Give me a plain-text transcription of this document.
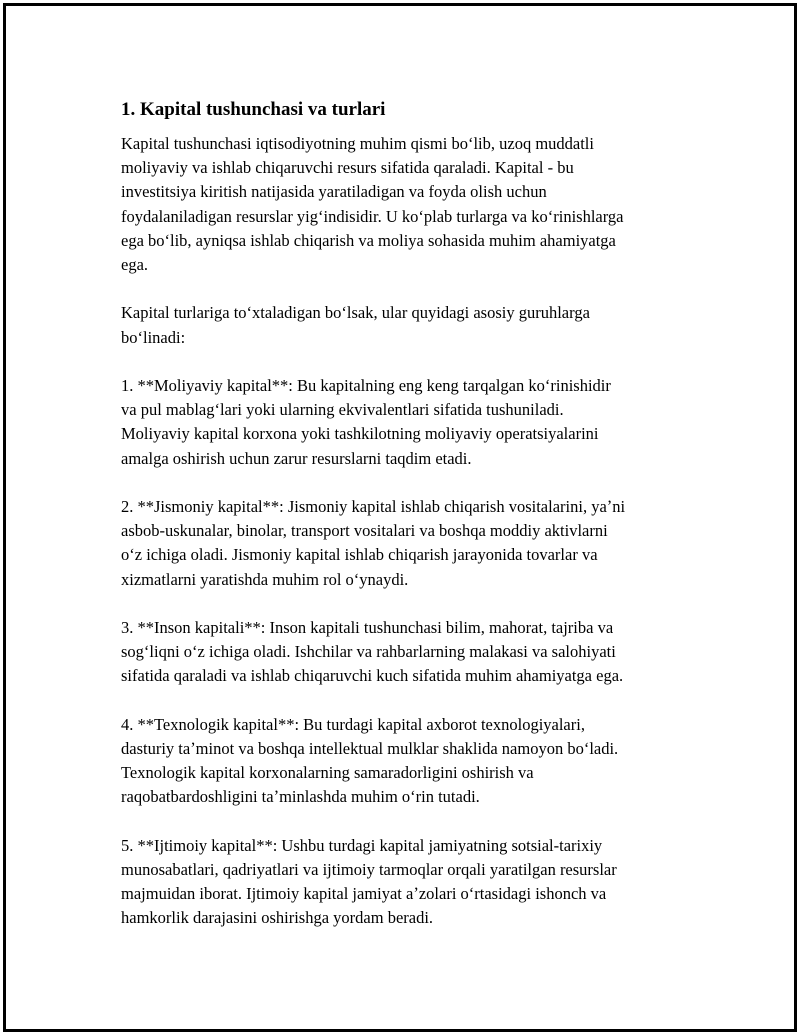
1. Kapital tushunchasi va turlari

Kapital tushunchasi iqtisodiyotning muhim qismi boʻlib, uzoq muddatli
moliyaviy va ishlab chiqaruvchi resurs sifatida qaraladi. Kapital - bu
investitsiya kiritish natijasida yaratiladigan va foyda olish uchun
foydalaniladigan resurslar yigʻindisidir. U koʻplab turlarga va koʻrinishlarga
ega boʻlib, ayniqsa ishlab chiqarish va moliya sohasida muhim ahamiyatga
ega.

Kapital turlariga toʻxtaladigan boʻlsak, ular quyidagi asosiy guruhlarga
boʻlinadi:

1. **Moliyaviy kapital**: Bu kapitalning eng keng tarqalgan koʻrinishidir
va pul mablagʻlari yoki ularning ekvivalentlari sifatida tushuniladi.
Moliyaviy kapital korxona yoki tashkilotning moliyaviy operatsiyalarini
amalga oshirish uchun zarur resurslarni taqdim etadi.

2. **Jismoniy kapital**: Jismoniy kapital ishlab chiqarish vositalarini, yaʼni
asbob-uskunalar, binolar, transport vositalari va boshqa moddiy aktivlarni
oʻz ichiga oladi. Jismoniy kapital ishlab chiqarish jarayonida tovarlar va
xizmatlarni yaratishda muhim rol oʻynaydi.

3. **Inson kapitali**: Inson kapitali tushunchasi bilim, mahorat, tajriba va
sogʻliqni oʻz ichiga oladi. Ishchilar va rahbarlarning malakasi va salohiyati
sifatida qaraladi va ishlab chiqaruvchi kuch sifatida muhim ahamiyatga ega.

4. **Texnologik kapital**: Bu turdagi kapital axborot texnologiyalari,
dasturiy taʼminot va boshqa intellektual mulklar shaklida namoyon boʻladi.
Texnologik kapital korxonalarning samaradorligini oshirish va
raqobatbardoshligini taʼminlashda muhim oʻrin tutadi.

5. **Ijtimoiy kapital**: Ushbu turdagi kapital jamiyatning sotsial-tarixiy
munosabatlari, qadriyatlari va ijtimoiy tarmoqlar orqali yaratilgan resurslar
majmuidan iborat. Ijtimoiy kapital jamiyat aʼzolari oʻrtasidagi ishonch va
hamkorlik darajasini oshirishga yordam beradi.
